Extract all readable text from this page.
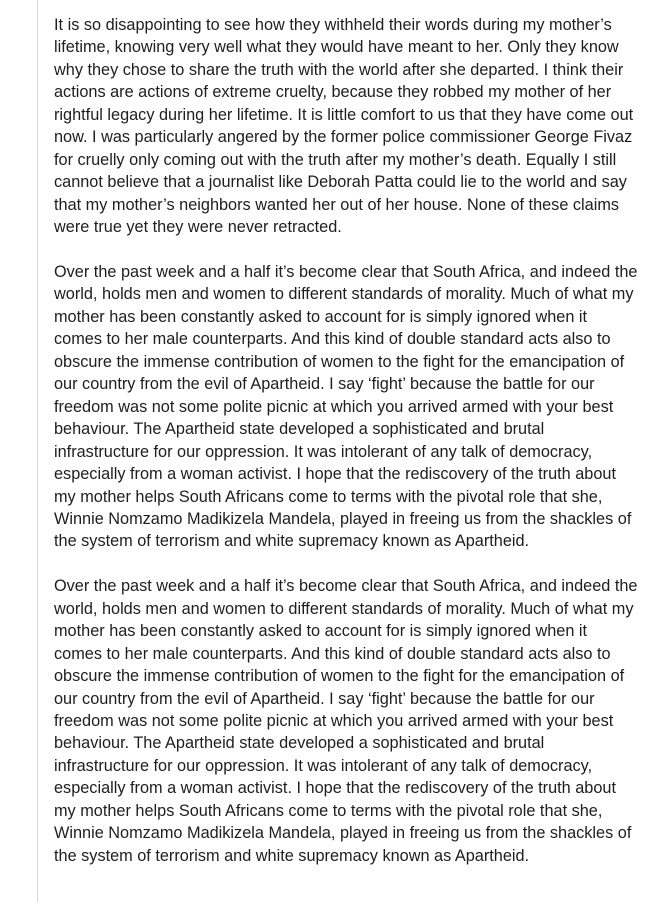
It is so disappointing to see how they withheld their words during my mother’s lifetime, knowing very well what they would have meant to her. Only they know why they chose to share the truth with the world after she departed. I think their actions are actions of extreme cruelty, because they robbed my mother of her rightful legacy during her lifetime. It is little comfort to us that they have come out now. I was particularly angered by the former police commissioner George Fivaz for cruelly only coming out with the truth after my mother’s death. Equally I still cannot believe that a journalist like Deborah Patta could lie to the world and say that my mother’s neighbors wanted her out of her house. None of these claims were true yet they were never retracted.

Over the past week and a half it’s become clear that South Africa, and indeed the world, holds men and women to different standards of morality. Much of what my mother has been constantly asked to account for is simply ignored when it comes to her male counterparts. And this kind of double standard acts also to obscure the immense contribution of women to the fight for the emancipation of our country from the evil of Apartheid. I say ‘fight’ because the battle for our freedom was not some polite picnic at which you arrived armed with your best behaviour. The Apartheid state developed a sophisticated and brutal infrastructure for our oppression. It was intolerant of any talk of democracy, especially from a woman activist. I hope that the rediscovery of the truth about my mother helps South Africans come to terms with the pivotal role that she, Winnie Nomzamo Madikizela Mandela, played in freeing us from the shackles of the system of terrorism and white supremacy known as Apartheid.

Over the past week and a half it’s become clear that South Africa, and indeed the world, holds men and women to different standards of morality. Much of what my mother has been constantly asked to account for is simply ignored when it comes to her male counterparts. And this kind of double standard acts also to obscure the immense contribution of women to the fight for the emancipation of our country from the evil of Apartheid. I say ‘fight’ because the battle for our freedom was not some polite picnic at which you arrived armed with your best behaviour. The Apartheid state developed a sophisticated and brutal infrastructure for our oppression. It was intolerant of any talk of democracy, especially from a woman activist. I hope that the rediscovery of the truth about my mother helps South Africans come to terms with the pivotal role that she, Winnie Nomzamo Madikizela Mandela, played in freeing us from the shackles of the system of terrorism and white supremacy known as Apartheid.
